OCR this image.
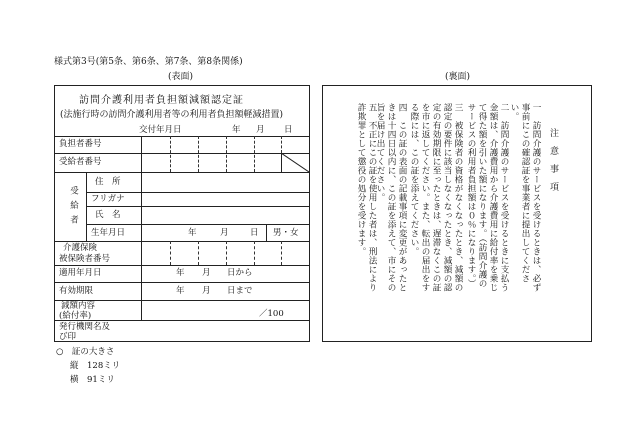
様式第3号(第5条、第6条、第7条、第8条関係)
(表面)	(裏面)
訪問介護利用者負担額減額認定証
(法施行時の訪問介護利用者等の利用者負担額軽減措置)
交付年月日	年 月 日
負担者番号
受給者番号
受給者
住　所
フリガナ
氏　名
生年月日	年	月	日 男・女
介護保険
被保険者番号
適用年月日	年 月 日から
有効期限	年 月 日まで
減額内容
(給付率)	／100
発行機関名及
び印
注意事項
一　訪問介護のサービスを受けるときは、必ず事前にこの確認証を事業者に提出してください。
二　訪問介護のサービスを受けるときに支払う金額は、介護費用から介護費用に給付率を乗じて得た額を引いた額になります。（訪問介護のサービスの利用者負担額は０％になります。）
三　被保険者の資格がなくなったとき、減額の認定の要件に該当しなくなったとき、減額の認定の有効期限に至ったときは、遅滞なくこの証を市に返してください。また、転出の届出をする際には、この証を添えてください。
四　この証の表面の記載事項に変更があったときは十四日以内に、この証を添えて、市にその旨を届け出てください。
五　不正にこの証を使用した者は、刑法により詐欺罪として懲役の処分を受けます。
○　証の大きさ
縦　128ミリ
横　91ミリ
